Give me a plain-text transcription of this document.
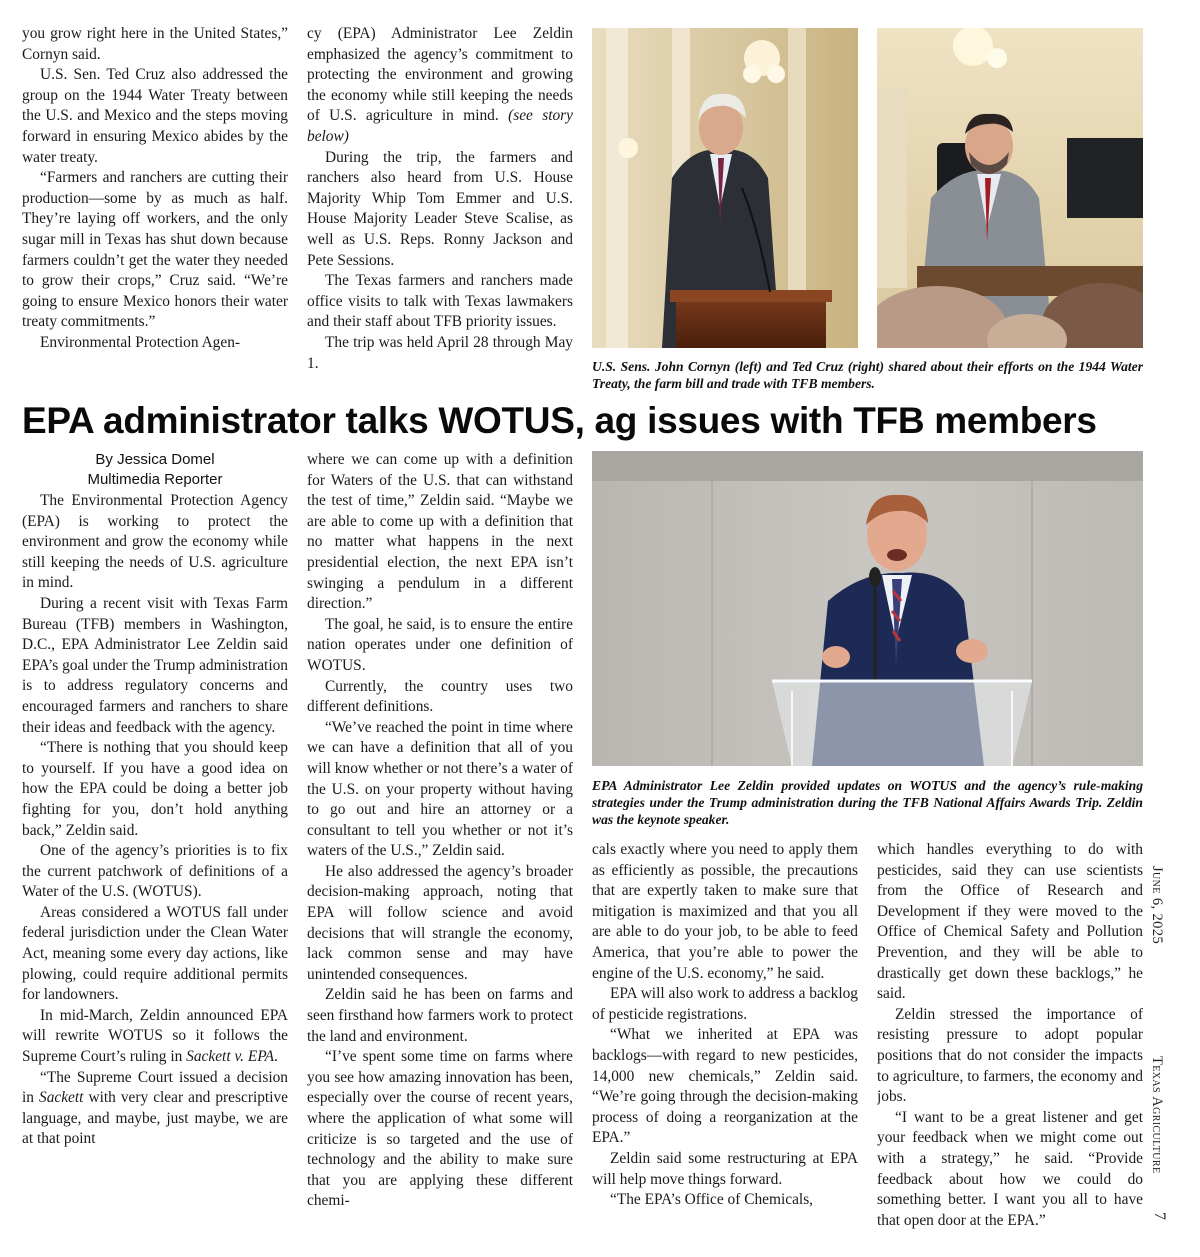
you grow right here in the United States,” Cornyn said.

U.S. Sen. Ted Cruz also addressed the group on the 1944 Water Treaty between the U.S. and Mexico and the steps moving forward in ensuring Mexico abides by the water treaty.

“Farmers and ranchers are cutting their production—some by as much as half. They’re laying off workers, and the only sugar mill in Texas has shut down because farmers couldn’t get the water they needed to grow their crops,” Cruz said. “We’re going to ensure Mexico honors their water treaty commitments.”

Environmental Protection Agen-

cy (EPA) Administrator Lee Zeldin emphasized the agency’s commitment to protecting the environment and growing the economy while still keeping the needs of U.S. agriculture in mind. (see story below)

During the trip, the farmers and ranchers also heard from U.S. House Majority Whip Tom Emmer and U.S. House Majority Leader Steve Scalise, as well as U.S. Reps. Ronny Jackson and Pete Sessions.

The Texas farmers and ranchers made office visits to talk with Texas lawmakers and their staff about TFB priority issues.

The trip was held April 28 through May 1.	U.S. Sens. John Cornyn (left) and Ted Cruz (right) shared about their efforts on the 1944 Water Treaty, the farm bill and trade with TFB members.
EPA administrator talks WOTUS, ag issues with TFB members
By Jessica Domel
Multimedia Reporter

The Environmental Protection Agency (EPA) is working to protect the environment and grow the economy while still keeping the needs of U.S. agriculture in mind.

During a recent visit with Texas Farm Bureau (TFB) members in Washington, D.C., EPA Administrator Lee Zeldin said EPA’s goal under the Trump administration is to address regulatory concerns and encouraged farmers and ranchers to share their ideas and feedback with the agency.

“There is nothing that you should keep to yourself. If you have a good idea on how the EPA could be doing a better job fighting for you, don’t hold anything back,” Zeldin said.

One of the agency’s priorities is to fix the current patchwork of definitions of a Water of the U.S. (WOTUS).

Areas considered a WOTUS fall under federal jurisdiction under the Clean Water Act, meaning some every day actions, like plowing, could require additional permits for landowners.

In mid-March, Zeldin announced EPA will rewrite WOTUS so it follows the Supreme Court’s ruling in Sackett v. EPA.

“The Supreme Court issued a decision in Sackett with very clear and prescriptive language, and maybe, just maybe, we are at that point

where we can come up with a definition for Waters of the U.S. that can withstand the test of time,” Zeldin said. “Maybe we are able to come up with a definition that no matter what happens in the next presidential election, the next EPA isn’t swinging a pendulum in a different direction.”

The goal, he said, is to ensure the entire nation operates under one definition of WOTUS.

Currently, the country uses two different definitions.

“We’ve reached the point in time where we can have a definition that all of you will know whether or not there’s a water of the U.S. on your property without having to go out and hire an attorney or a consultant to tell you whether or not it’s waters of the U.S.,” Zeldin said.

He also addressed the agency’s broader decision-making approach, noting that EPA will follow science and avoid decisions that will strangle the economy, lack common sense and may have unintended consequences.

Zeldin said he has been on farms and seen firsthand how farmers work to protect the land and environment.

“I’ve spent some time on farms where you see how amazing innovation has been, especially over the course of recent years, where the application of what some will criticize is so targeted and the use of technology and the ability to make sure that you are applying these different chemi-

EPA Administrator Lee Zeldin provided updates on WOTUS and the agency’s rule-making strategies under the Trump administration during the TFB National Affairs Awards Trip. Zeldin was the keynote speaker.

cals exactly where you need to apply them as efficiently as possible, the precautions that are expertly taken to make sure that mitigation is maximized and that you all are able to do your job, to be able to feed America, that you’re able to power the engine of the U.S. economy,” he said.

EPA will also work to address a backlog of pesticide registrations.

“What we inherited at EPA was backlogs—with regard to new pesticides, 14,000 new chemicals,” Zeldin said. “We’re going through the decision-making process of doing a reorganization at the EPA.”

Zeldin said some restructuring at EPA will help move things forward.

“The EPA’s Office of Chemicals,

which handles everything to do with pesticides, said they can use scientists from the Office of Research and Development if they were moved to the Office of Chemical Safety and Pollution Prevention, and they will be able to drastically get down these backlogs,” he said.

Zeldin stressed the importance of resisting pressure to adopt popular positions that do not consider the impacts to agriculture, to farmers, the economy and jobs.

“I want to be a great listener and get your feedback when we might come out with a strategy,” he said. “Provide feedback about how we could do something better. I want you all to have that open door at the EPA.”

June 6, 2025
Texas Agriculture
7
